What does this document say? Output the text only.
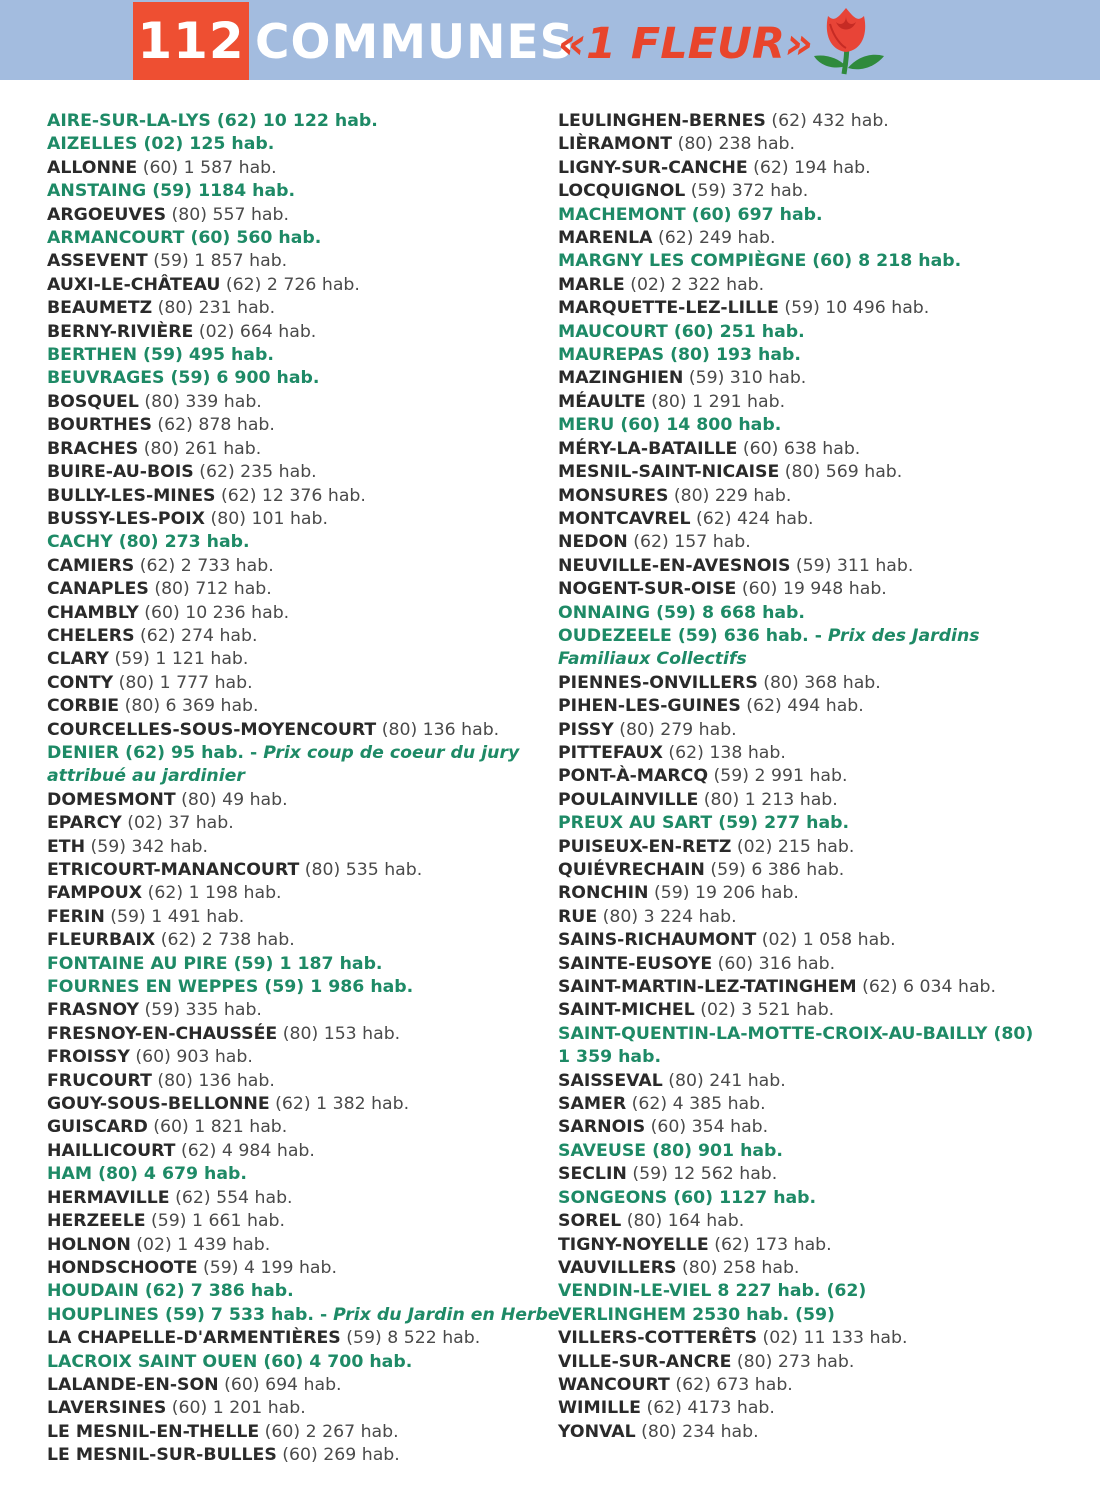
112 COMMUNES
«1 FLEUR»
AIRE-SUR-LA-LYS (62) 10 122 hab.
AIZELLES (02) 125 hab.
ALLONNE (60) 1 587 hab.
ANSTAING (59) 1184 hab.
ARGOEUVES (80) 557 hab.
ARMANCOURT (60) 560 hab.
ASSEVENT (59) 1 857 hab.
AUXI-LE-CHÂTEAU (62) 2 726 hab.
BEAUMETZ (80) 231 hab.
BERNY-RIVIÈRE (02) 664 hab.
BERTHEN (59) 495 hab.
BEUVRAGES (59) 6 900 hab.
BOSQUEL (80) 339 hab.
BOURTHES (62) 878 hab.
BRACHES (80) 261 hab.
BUIRE-AU-BOIS (62) 235 hab.
BULLY-LES-MINES (62) 12 376 hab.
BUSSY-LES-POIX (80) 101 hab.
CACHY (80) 273 hab.
CAMIERS (62) 2 733 hab.
CANAPLES (80) 712 hab.
CHAMBLY (60) 10 236 hab.
CHELERS (62) 274 hab.
CLARY (59) 1 121 hab.
CONTY (80) 1 777 hab.
CORBIE (80) 6 369 hab.
COURCELLES-SOUS-MOYENCOURT (80) 136 hab.
DENIER (62) 95 hab. - Prix coup de coeur du jury
attribué au jardinier
DOMESMONT (80) 49 hab.
EPARCY (02) 37 hab.
ETH (59) 342 hab.
ETRICOURT-MANANCOURT (80) 535 hab.
FAMPOUX (62) 1 198 hab.
FERIN (59) 1 491 hab.
FLEURBAIX (62) 2 738 hab.
FONTAINE AU PIRE (59) 1 187 hab.
FOURNES EN WEPPES (59) 1 986 hab.
FRASNOY (59) 335 hab.
FRESNOY-EN-CHAUSSÉE (80) 153 hab.
FROISSY (60) 903 hab.
FRUCOURT (80) 136 hab.
GOUY-SOUS-BELLONNE (62) 1 382 hab.
GUISCARD (60) 1 821 hab.
HAILLICOURT (62) 4 984 hab.
HAM (80) 4 679 hab.
HERMAVILLE (62) 554 hab.
HERZEELE (59) 1 661 hab.
HOLNON (02) 1 439 hab.
HONDSCHOOTE (59) 4 199 hab.
HOUDAIN (62) 7 386 hab.
HOUPLINES (59) 7 533 hab. - Prix du Jardin en Herbe
LA CHAPELLE-D'ARMENTIÈRES (59) 8 522 hab.
LACROIX SAINT OUEN (60) 4 700 hab.
LALANDE-EN-SON (60) 694 hab.
LAVERSINES (60) 1 201 hab.
LE MESNIL-EN-THELLE (60) 2 267 hab.
LE MESNIL-SUR-BULLES (60) 269 hab.
LEULINGHEN-BERNES (62) 432 hab.
LIÈRAMONT (80) 238 hab.
LIGNY-SUR-CANCHE (62) 194 hab.
LOCQUIGNOL (59) 372 hab.
MACHEMONT (60) 697 hab.
MARENLA (62) 249 hab.
MARGNY LES COMPIÈGNE (60) 8 218 hab.
MARLE (02) 2 322 hab.
MARQUETTE-LEZ-LILLE (59) 10 496 hab.
MAUCOURT (60) 251 hab.
MAUREPAS (80) 193 hab.
MAZINGHIEN (59) 310 hab.
MÉAULTE (80) 1 291 hab.
MERU (60) 14 800 hab.
MÉRY-LA-BATAILLE (60) 638 hab.
MESNIL-SAINT-NICAISE (80) 569 hab.
MONSURES (80) 229 hab.
MONTCAVREL (62) 424 hab.
NEDON (62) 157 hab.
NEUVILLE-EN-AVESNOIS (59) 311 hab.
NOGENT-SUR-OISE (60) 19 948 hab.
ONNAING (59) 8 668 hab.
OUDEZEELE (59) 636 hab. - Prix des Jardins
Familiaux Collectifs
PIENNES-ONVILLERS (80) 368 hab.
PIHEN-LES-GUINES (62) 494 hab.
PISSY (80) 279 hab.
PITTEFAUX (62) 138 hab.
PONT-À-MARCQ (59) 2 991 hab.
POULAINVILLE (80) 1 213 hab.
PREUX AU SART (59) 277 hab.
PUISEUX-EN-RETZ (02) 215 hab.
QUIÉVRECHAIN (59) 6 386 hab.
RONCHIN (59) 19 206 hab.
RUE (80) 3 224 hab.
SAINS-RICHAUMONT (02) 1 058 hab.
SAINTE-EUSOYE (60) 316 hab.
SAINT-MARTIN-LEZ-TATINGHEM (62) 6 034 hab.
SAINT-MICHEL (02) 3 521 hab.
SAINT-QUENTIN-LA-MOTTE-CROIX-AU-BAILLY (80)
1 359 hab.
SAISSEVAL (80) 241 hab.
SAMER (62) 4 385 hab.
SARNOIS (60) 354 hab.
SAVEUSE (80) 901 hab.
SECLIN (59) 12 562 hab.
SONGEONS (60) 1127 hab.
SOREL (80) 164 hab.
TIGNY-NOYELLE (62) 173 hab.
VAUVILLERS (80) 258 hab.
VENDIN-LE-VIEL 8 227 hab. (62)
VERLINGHEM 2530 hab. (59)
VILLERS-COTTERÊTS (02) 11 133 hab.
VILLE-SUR-ANCRE (80) 273 hab.
WANCOURT (62) 673 hab.
WIMILLE (62) 4173 hab.
YONVAL (80) 234 hab.
